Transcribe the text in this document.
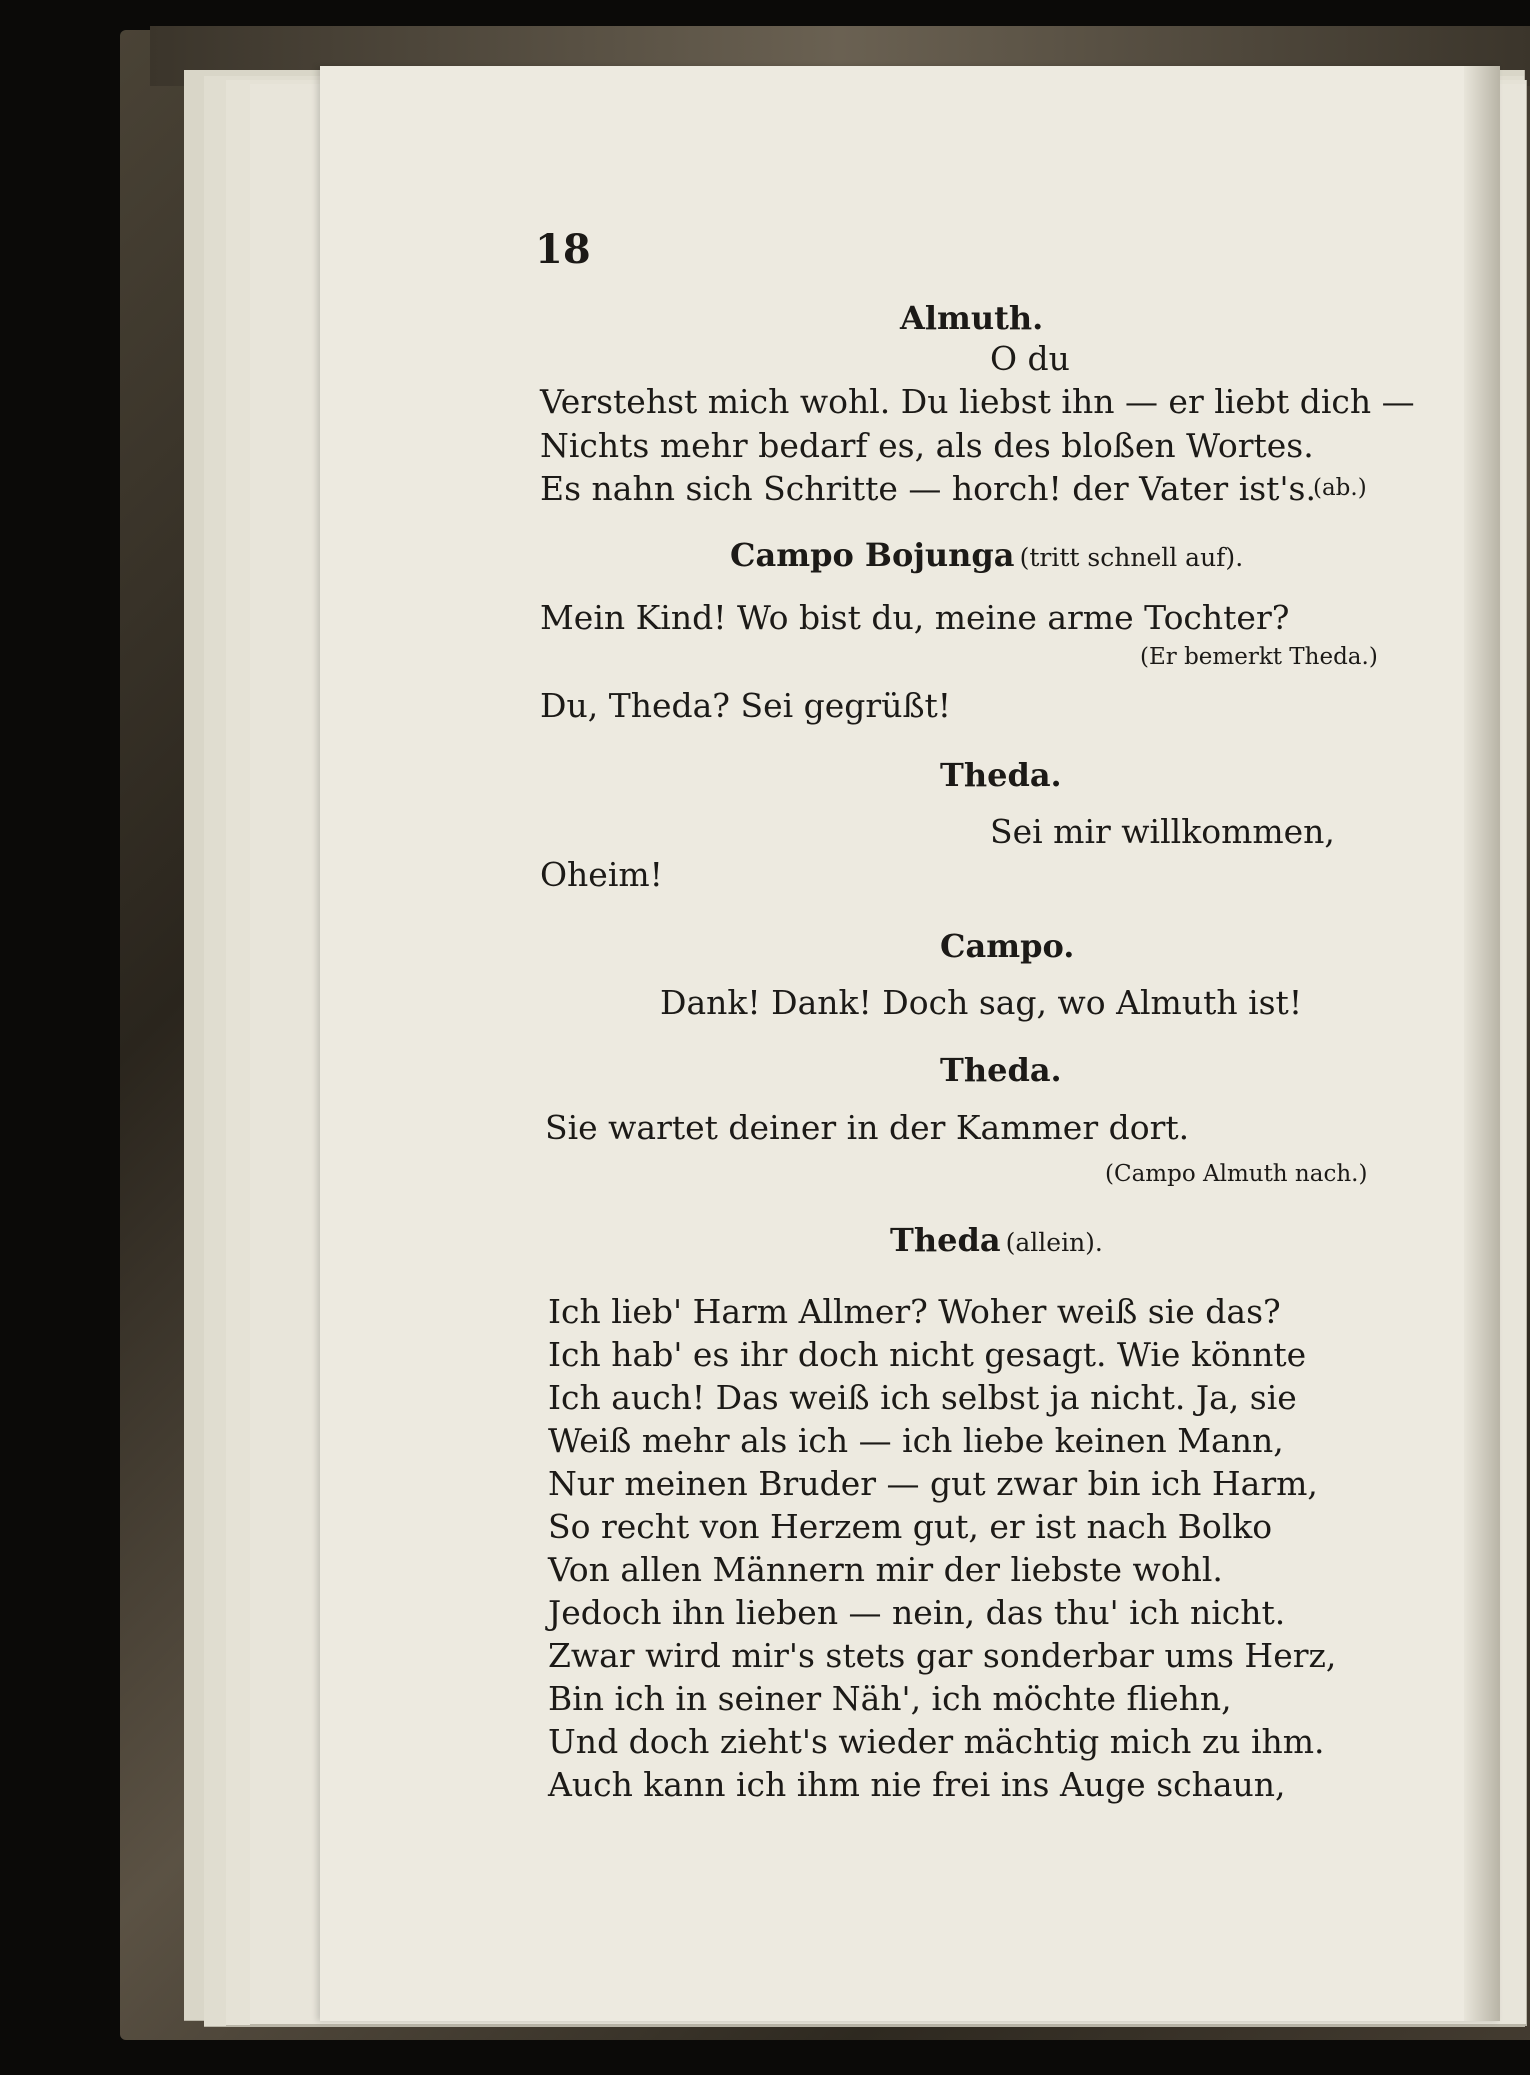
18
Almuth.
O du
Verstehst mich wohl. Du liebst ihn — er liebt dich —
Nichts mehr bedarf es, als des bloßen Wortes.
Es nahn sich Schritte — horch! der Vater ist's.
(ab.)
Campo Bojunga (tritt schnell auf).
Mein Kind! Wo bist du, meine arme Tochter?
(Er bemerkt Theda.)
Du, Theda? Sei gegrüßt!
Theda.
Sei mir willkommen,
Oheim!
Campo.
Dank! Dank! Doch sag, wo Almuth ist!
Theda.
Sie wartet deiner in der Kammer dort.
(Campo Almuth nach.)
Theda (allein).
Ich lieb' Harm Allmer? Woher weiß sie das?
Ich hab' es ihr doch nicht gesagt. Wie könnte
Ich auch! Das weiß ich selbst ja nicht. Ja, sie
Weiß mehr als ich — ich liebe keinen Mann,
Nur meinen Bruder — gut zwar bin ich Harm,
So recht von Herzem gut, er ist nach Bolko
Von allen Männern mir der liebste wohl.
Jedoch ihn lieben — nein, das thu' ich nicht.
Zwar wird mir's stets gar sonderbar ums Herz,
Bin ich in seiner Näh', ich möchte fliehn,
Und doch zieht's wieder mächtig mich zu ihm.
Auch kann ich ihm nie frei ins Auge schaun,
